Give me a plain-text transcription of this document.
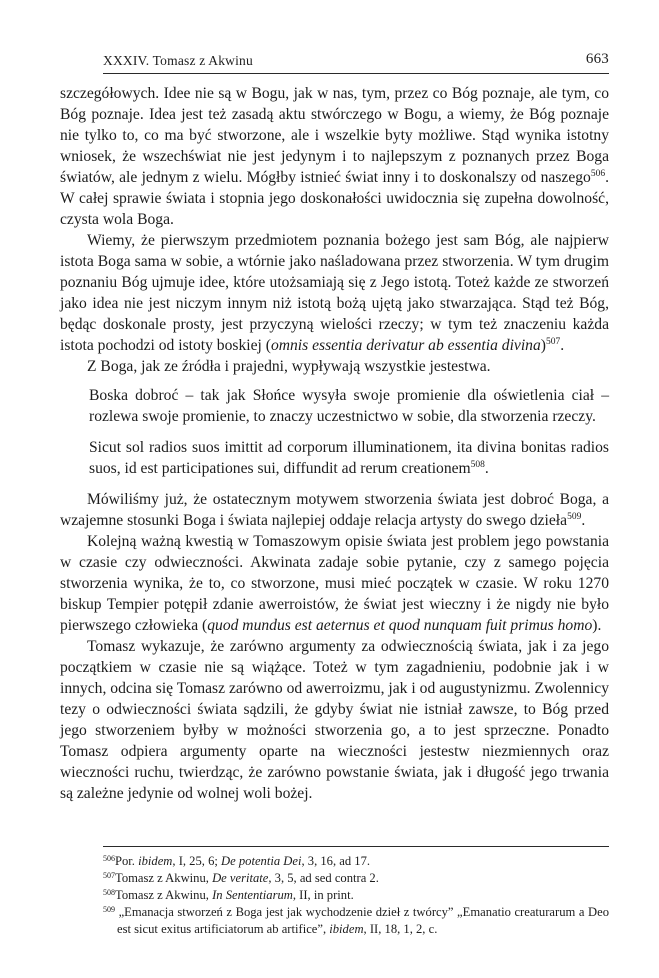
XXXIV. Tomasz z Akwinu	663

szczegółowych. Idee nie są w Bogu, jak w nas, tym, przez co Bóg poznaje, ale tym, co Bóg poznaje. Idea jest też zasadą aktu stwórczego w Bogu, a wiemy, że Bóg poznaje nie tylko to, co ma być stworzone, ale i wszelkie byty możliwe. Stąd wynika istotny wniosek, że wszechświat nie jest jedynym i to najlepszym z poznanych przez Boga światów, ale jednym z wielu. Mógłby istnieć świat inny i to doskonalszy od naszego$^{506}$. W całej sprawie świata i stopnia jego doskonałości uwidocznia się zupełna dowolność, czysta wola Boga.

Wiemy, że pierwszym przedmiotem poznania bożego jest sam Bóg, ale najpierw istota Boga sama w sobie, a wtórnie jako naśladowana przez stworzenia. W tym drugim poznaniu Bóg ujmuje idee, które utożsamiają się z Jego istotą. Toteż każde ze stworzeń jako idea nie jest niczym innym niż istotą bożą ujętą jako stwarzająca. Stąd też Bóg, będąc doskonale prosty, jest przyczyną wielości rzeczy; w tym też znaczeniu każda istota pochodzi od istoty boskiej (omnis essentia derivatur ab essentia divina)$^{507}$.

Z Boga, jak ze źródła i prajedni, wypływają wszystkie jestestwa.

Boska dobroć – tak jak Słońce wysyła swoje promienie dla oświetlenia ciał – rozlewa swoje promienie, to znaczy uczestnictwo w sobie, dla stworzenia rzeczy.

Sicut sol radios suos imittit ad corporum illuminationem, ita divina bonitas radios suos, id est participationes sui, diffundit ad rerum creationem$^{508}$.

Mówiliśmy już, że ostatecznym motywem stworzenia świata jest dobroć Boga, a wzajemne stosunki Boga i świata najlepiej oddaje relacja artysty do swego dzieła$^{509}$.

Kolejną ważną kwestią w Tomaszowym opisie świata jest problem jego powstania w czasie czy odwieczności. Akwinata zadaje sobie pytanie, czy z samego pojęcia stworzenia wynika, że to, co stworzone, musi mieć początek w czasie. W roku 1270 biskup Tempier potępił zdanie awerroistów, że świat jest wieczny i że nigdy nie było pierwszego człowieka (quod mundus est aeternus et quod nunquam fuit primus homo).

Tomasz wykazuje, że zarówno argumenty za odwiecznością świata, jak i za jego początkiem w czasie nie są wiążące. Toteż w tym zagadnieniu, podobnie jak i w innych, odcina się Tomasz zarówno od awerroizmu, jak i od augustynizmu. Zwolennicy tezy o odwieczności świata sądzili, że gdyby świat nie istniał zawsze, to Bóg przed jego stworzeniem byłby w możności stworzenia go, a to jest sprzeczne. Ponadto Tomasz odpiera argumenty oparte na wieczności jestestw niezmiennych oraz wieczności ruchu, twierdząc, że zarówno powstanie świata, jak i długość jego trwania są zależne jedynie od wolnej woli bożej.

$^{506}$Por. ibidem, I, 25, 6; De potentia Dei, 3, 16, ad 17.

$^{507}$Tomasz z Akwinu, De veritate, 3, 5, ad sed contra 2.

$^{508}$Tomasz z Akwinu, In Sententiarum, II, in print.

$^{509}$ „Emanacja stworzeń z Boga jest jak wychodzenie dzieł z twórcy” „Emanatio creaturarum a Deo est sicut exitus artificiatorum ab artifice”, ibidem, II, 18, 1, 2, c.
